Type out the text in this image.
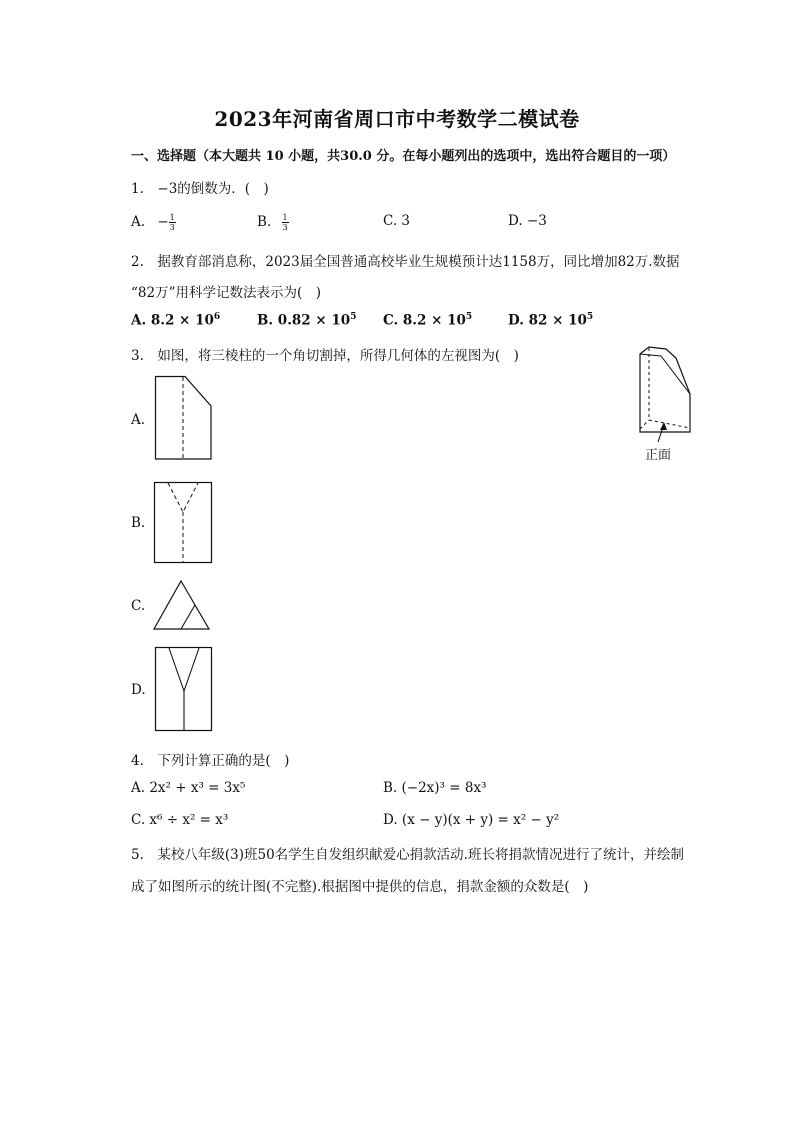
2023年河南省周口市中考数学二模试卷
一、选择题（本大题共 10 小题，共30.0 分。在每小题列出的选项中，选出符合题目的一项）
1.　−3的倒数为．(　)
A. − $\frac{1}{3}$	B. $\frac{1}{3}$	C. 3	D. −3
2.　据教育部消息称，2023届全国普通高校毕业生规模预计达1158万，同比增加82万.数据
“82万”用科学记数法表示为(　)
A. $8.2 \times 10^6$	B. $0.82 \times 10^5$ C. $8.2 \times 10^5$	D. $82 \times 10^5$
3.　如图，将三棱柱的一个角切割掉，所得几何体的左视图为(　)
A.
B.
C.
D.
正面
4.　下列计算正确的是(　)
A. 2x² + x³ = 3x⁵	B. (−2x)³ = 8x³
C. x⁶ ÷ x² = x³	D. (x − y)(x + y) = x² − y²
5.　某校八年级(3)班50名学生自发组织献爱心捐款活动.班长将捐款情况进行了统计，并绘制
成了如图所示的统计图(不完整).根据图中提供的信息，捐款金额的众数是(　)
